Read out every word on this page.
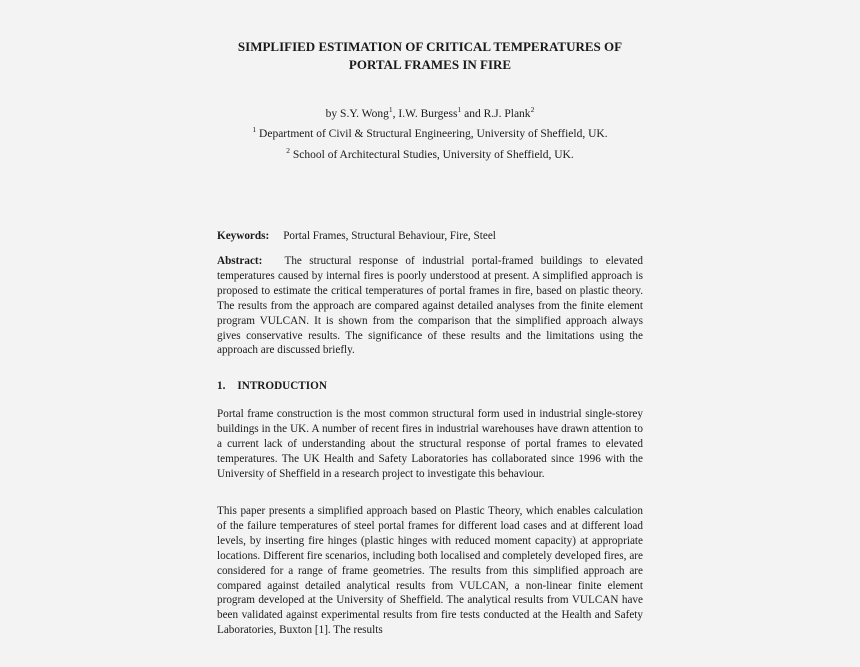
SIMPLIFIED ESTIMATION OF CRITICAL TEMPERATURES OF
PORTAL FRAMES IN FIRE
by S.Y. Wong$^1$, I.W. Burgess$^1$ and R.J. Plank$^2$
$^1$ Department of Civil & Structural Engineering, University of Sheffield, UK.
$^2$ School of Architectural Studies, University of Sheffield, UK.
Keywords: Portal Frames, Structural Behaviour, Fire, Steel

Abstract: The structural response of industrial portal-framed buildings to elevated temperatures caused by internal fires is poorly understood at present. A simplified approach is proposed to estimate the critical temperatures of portal frames in fire, based on plastic theory. The results from the approach are compared against detailed analyses from the finite element program VULCAN. It is shown from the comparison that the simplified approach always gives conservative results. The significance of these results and the limitations using the approach are discussed briefly.

1. INTRODUCTION

Portal frame construction is the most common structural form used in industrial single-storey buildings in the UK. A number of recent fires in industrial warehouses have drawn attention to a current lack of understanding about the structural response of portal frames to elevated temperatures. The UK Health and Safety Laboratories has collaborated since 1996 with the University of Sheffield in a research project to investigate this behaviour.

This paper presents a simplified approach based on Plastic Theory, which enables calculation of the failure temperatures of steel portal frames for different load cases and at different load levels, by inserting fire hinges (plastic hinges with reduced moment capacity) at appropriate locations. Different fire scenarios, including both localised and completely developed fires, are considered for a range of frame geometries. The results from this simplified approach are compared against detailed analytical results from VULCAN, a non-linear finite element program developed at the University of Sheffield. The analytical results from VULCAN have been validated against experimental results from fire tests conducted at the Health and Safety Laboratories, Buxton [1]. The results
